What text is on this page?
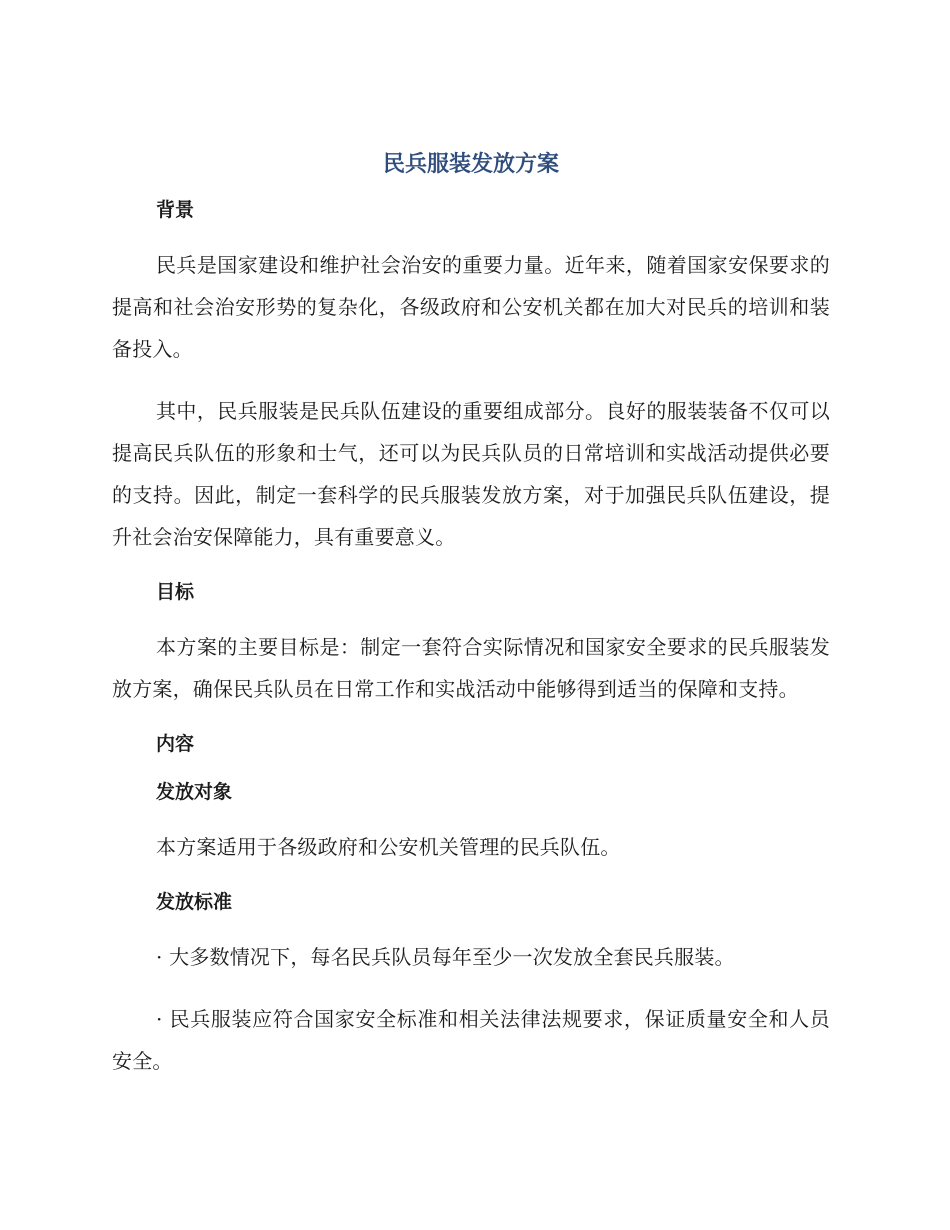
民兵服装发放方案
背景

民兵是国家建设和维护社会治安的重要力量。近年来，随着国家安保要求的提高和社会治安形势的复杂化，各级政府和公安机关都在加大对民兵的培训和装备投入。

其中，民兵服装是民兵队伍建设的重要组成部分。良好的服装装备不仅可以提高民兵队伍的形象和士气，还可以为民兵队员的日常培训和实战活动提供必要的支持。因此，制定一套科学的民兵服装发放方案，对于加强民兵队伍建设，提升社会治安保障能力，具有重要意义。

目标

本方案的主要目标是：制定一套符合实际情况和国家安全要求的民兵服装发放方案，确保民兵队员在日常工作和实战活动中能够得到适当的保障和支持。

内容
发放对象

本方案适用于各级政府和公安机关管理的民兵队伍。

发放标准

· 大多数情况下，每名民兵队员每年至少一次发放全套民兵服装。

· 民兵服装应符合国家安全标准和相关法律法规要求，保证质量安全和人员安全。
